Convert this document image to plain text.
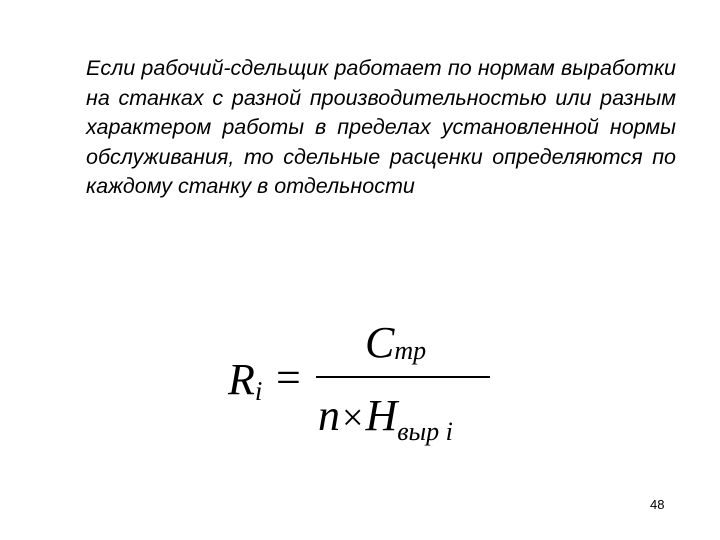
Если рабочий-сдельщик работает по нормам выработки на станках с разной производительностью или разным характером работы в пределах установленной нормы обслуживания, то сдельные расценки определяются по каждому станку в отдельности
Ri =
Cтр
$n\times H_{выр i}$
48
